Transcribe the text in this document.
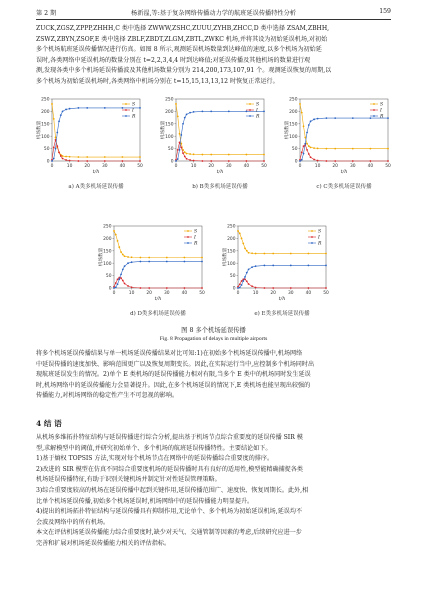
第 2 期	杨新湦,等:基于复杂网络传播动力学的航班延误传播特性分析	159
ZUCK,ZGSZ,ZPPP,ZHHH,C 类中选择 ZWWW,ZSHC,ZUUU,ZYHB,ZHCC,D 类中选择 ZSAM,ZBHH,
ZSWZ,ZBYN,ZSOF,E 类中选择 ZBLF,ZBDT,ZLGM,ZBTL,ZWKC 机场,并将其设为初始延误机场,对初始
多个机场航班延误传播情况进行仿真。如图 8 所示,观测延误机场数量到达峰值的速度,以多个机场为初始延
误时,各类网络中延误机场的数量分别在 t=2,2,3,4,4 时到达峰值;对延误传播及其他机场的数量进行观
测,发现各类中多个机场延误传播波及其他机场数量分别为 214,200,173,107,91 个。观测延误恢复的周期,以
多个机场为初始延误机场时,各类网络中机场分别在 t=15,15,13,13,12 时恢复正常运行。
0
50
100
150
200
250
0	10	20	30	40	50
机场数量
t/h
S
I
R
a) A类多机场延误传播
0
50
100
150
200
250
0	10	20	30	40	50
机场数量
t/h
S
I
R
b) B类多机场延误传播
0
50
100
150
200
250
0	10	20	30	40	50
机场数量
t/h
S
I
R
c) C类多机场延误传播
0
50
100
150
200
250
0	10	20	30	40	50
机场数量
t/h
S
I
R
d) D类多机场延误传播
0
50
100
150
200
250
0	10	20	30	40	50
机场数量
t/h
S
I
R
e) E类多机场延误传播
图 8 多个机场延误传播
Fig. 8 Propagation of delays in multiple airports
将多个机场延误传播结果与单一机场延误传播结果对比可知:1)在初始多个机场延误传播中,机场网络
中延误传播的速度加快、影响范围更广以及恢复周期变长。因此,在实际运行当中,应控制多个机场同时出
现航班延误发生的情况。2)单个 E 类机场的延误传播能力相对有限,当多个 E 类中的机场同时发生延误
时,机场网络中的延误传播能力会显著提升。因此,在多个机场延误的情况下,E 类机场也能呈现出较强的
传播能力,对机场网络的稳定性产生不可忽视的影响。
4 结 语
从机场多维拓扑特征结构与延误传播进行综合分析,提出基于机场节点综合重要度的延误传播 SIR 模
型,求解模型中的阈值,并研究初始单个、多个机场的航班延误传播特性。主要结论如下。
1)基于熵权 TOPSIS 方法,实现对每个机场节点在网络中的延误传播综合重要度的排序。
2)改进的 SIR 模型在仿真不同综合重要度机场的延误传播时具有良好的适用性,模型能精确捕捉各类
机场延误传播特征,有助于识别关键机场并制定针对性延误管理策略。
3)综合重要度较高的机场在延误传播中起到关键作用,延误传播范围广、速度快、恢复周期长。此外,相
比单个机场延误传播,初始多个机场延误时,机场网络中的延误传播能力明显提升。
4)提出的机场拓扑特征结构与延误传播具有抑制作用,无论单个、多个机场为初始延误机场,延误均不
会波及网络中的所有机场。
本文在评估机场延误传播能力综合重要度时,缺少对天气、交通管制等因素的考虑,后续研究应进一步
完善和扩展对机场延误传播能力相关的评估指标。
